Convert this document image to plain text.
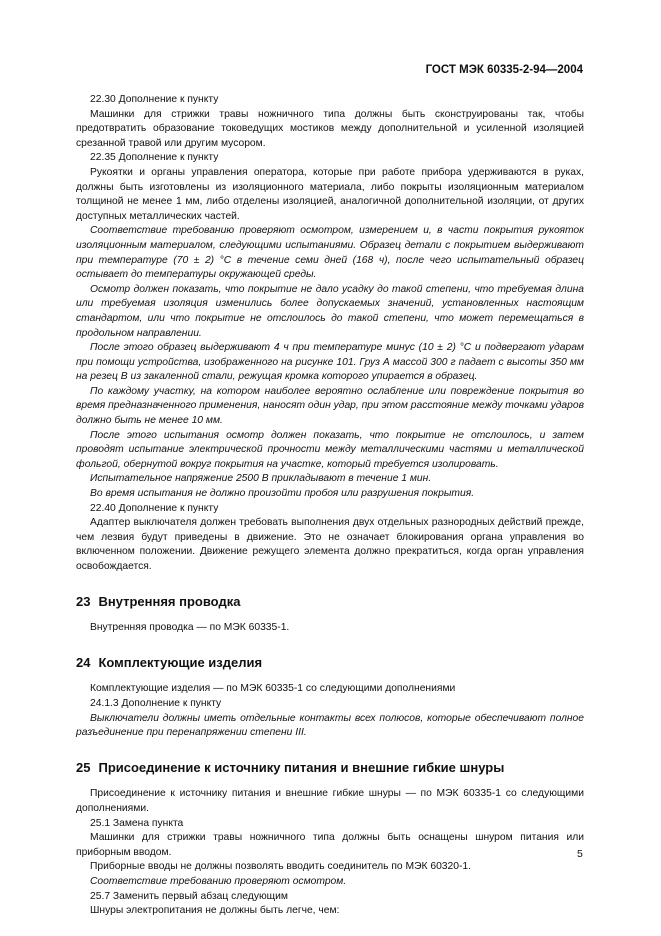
ГОСТ МЭК 60335-2-94—2004

22.30 Дополнение к пункту

Машинки для стрижки травы ножничного типа должны быть сконструированы так, чтобы предотвратить образование токоведущих мостиков между дополнительной и усиленной изоляцией срезанной травой или другим мусором.

22.35 Дополнение к пункту

Рукоятки и органы управления оператора, которые при работе прибора удерживаются в руках, должны быть изготовлены из изоляционного материала, либо покрыты изоляционным материалом толщиной не менее 1 мм, либо отделены изоляцией, аналогичной дополнительной изоляции, от других доступных металлических частей.

Соответствие требованию проверяют осмотром, измерением и, в части покрытия рукояток изоляционным материалом, следующими испытаниями. Образец детали с покрытием выдерживают при температуре (70 ± 2) °С в течение семи дней (168 ч), после чего испытательный образец остывает до температуры окружающей среды.

Осмотр должен показать, что покрытие не дало усадку до такой степени, что требуемая длина или требуемая изоляция изменились более допускаемых значений, установленных настоящим стандартом, или что покрытие не отслоилось до такой степени, что может перемещаться в продольном направлении.

После этого образец выдерживают 4 ч при температуре минус (10 ± 2) °С и подвергают ударам при помощи устройства, изображенного на рисунке 101. Груз А массой 300 г падает с высоты 350 мм на резец В из закаленной стали, режущая кромка которого упирается в образец.

По каждому участку, на котором наиболее вероятно ослабление или повреждение покрытия во время предназначенного применения, наносят один удар, при этом расстояние между точками ударов должно быть не менее 10 мм.

После этого испытания осмотр должен показать, что покрытие не отслоилось, и затем проводят испытание электрической прочности между металлическими частями и металлической фольгой, обернутой вокруг покрытия на участке, который требуется изолировать.

Испытательное напряжение 2500 В прикладывают в течение 1 мин.

Во время испытания не должно произойти пробоя или разрушения покрытия.

22.40 Дополнение к пункту

Адаптер выключателя должен требовать выполнения двух отдельных разнородных действий прежде, чем лезвия будут приведены в движение. Это не означает блокирования органа управления во включенном положении. Движение режущего элемента должно прекратиться, когда орган управления освобождается.

23 Внутренняя проводка

Внутренняя проводка — по МЭК 60335-1.

24 Комплектующие изделия

Комплектующие изделия — по МЭК 60335-1 со следующими дополнениями

24.1.3 Дополнение к пункту

Выключатели должны иметь отдельные контакты всех полюсов, которые обеспечивают полное разъединение при перенапряжении степени III.

25 Присоединение к источнику питания и внешние гибкие шнуры

Присоединение к источнику питания и внешние гибкие шнуры — по МЭК 60335-1 со следующими дополнениями.

25.1 Замена пункта

Машинки для стрижки травы ножничного типа должны быть оснащены шнуром питания или приборным вводом.

Приборные вводы не должны позволять вводить соединитель по МЭК 60320-1.

Соответствие требованию проверяют осмотром.

25.7 Заменить первый абзац следующим

Шнуры электропитания не должны быть легче, чем:

5
